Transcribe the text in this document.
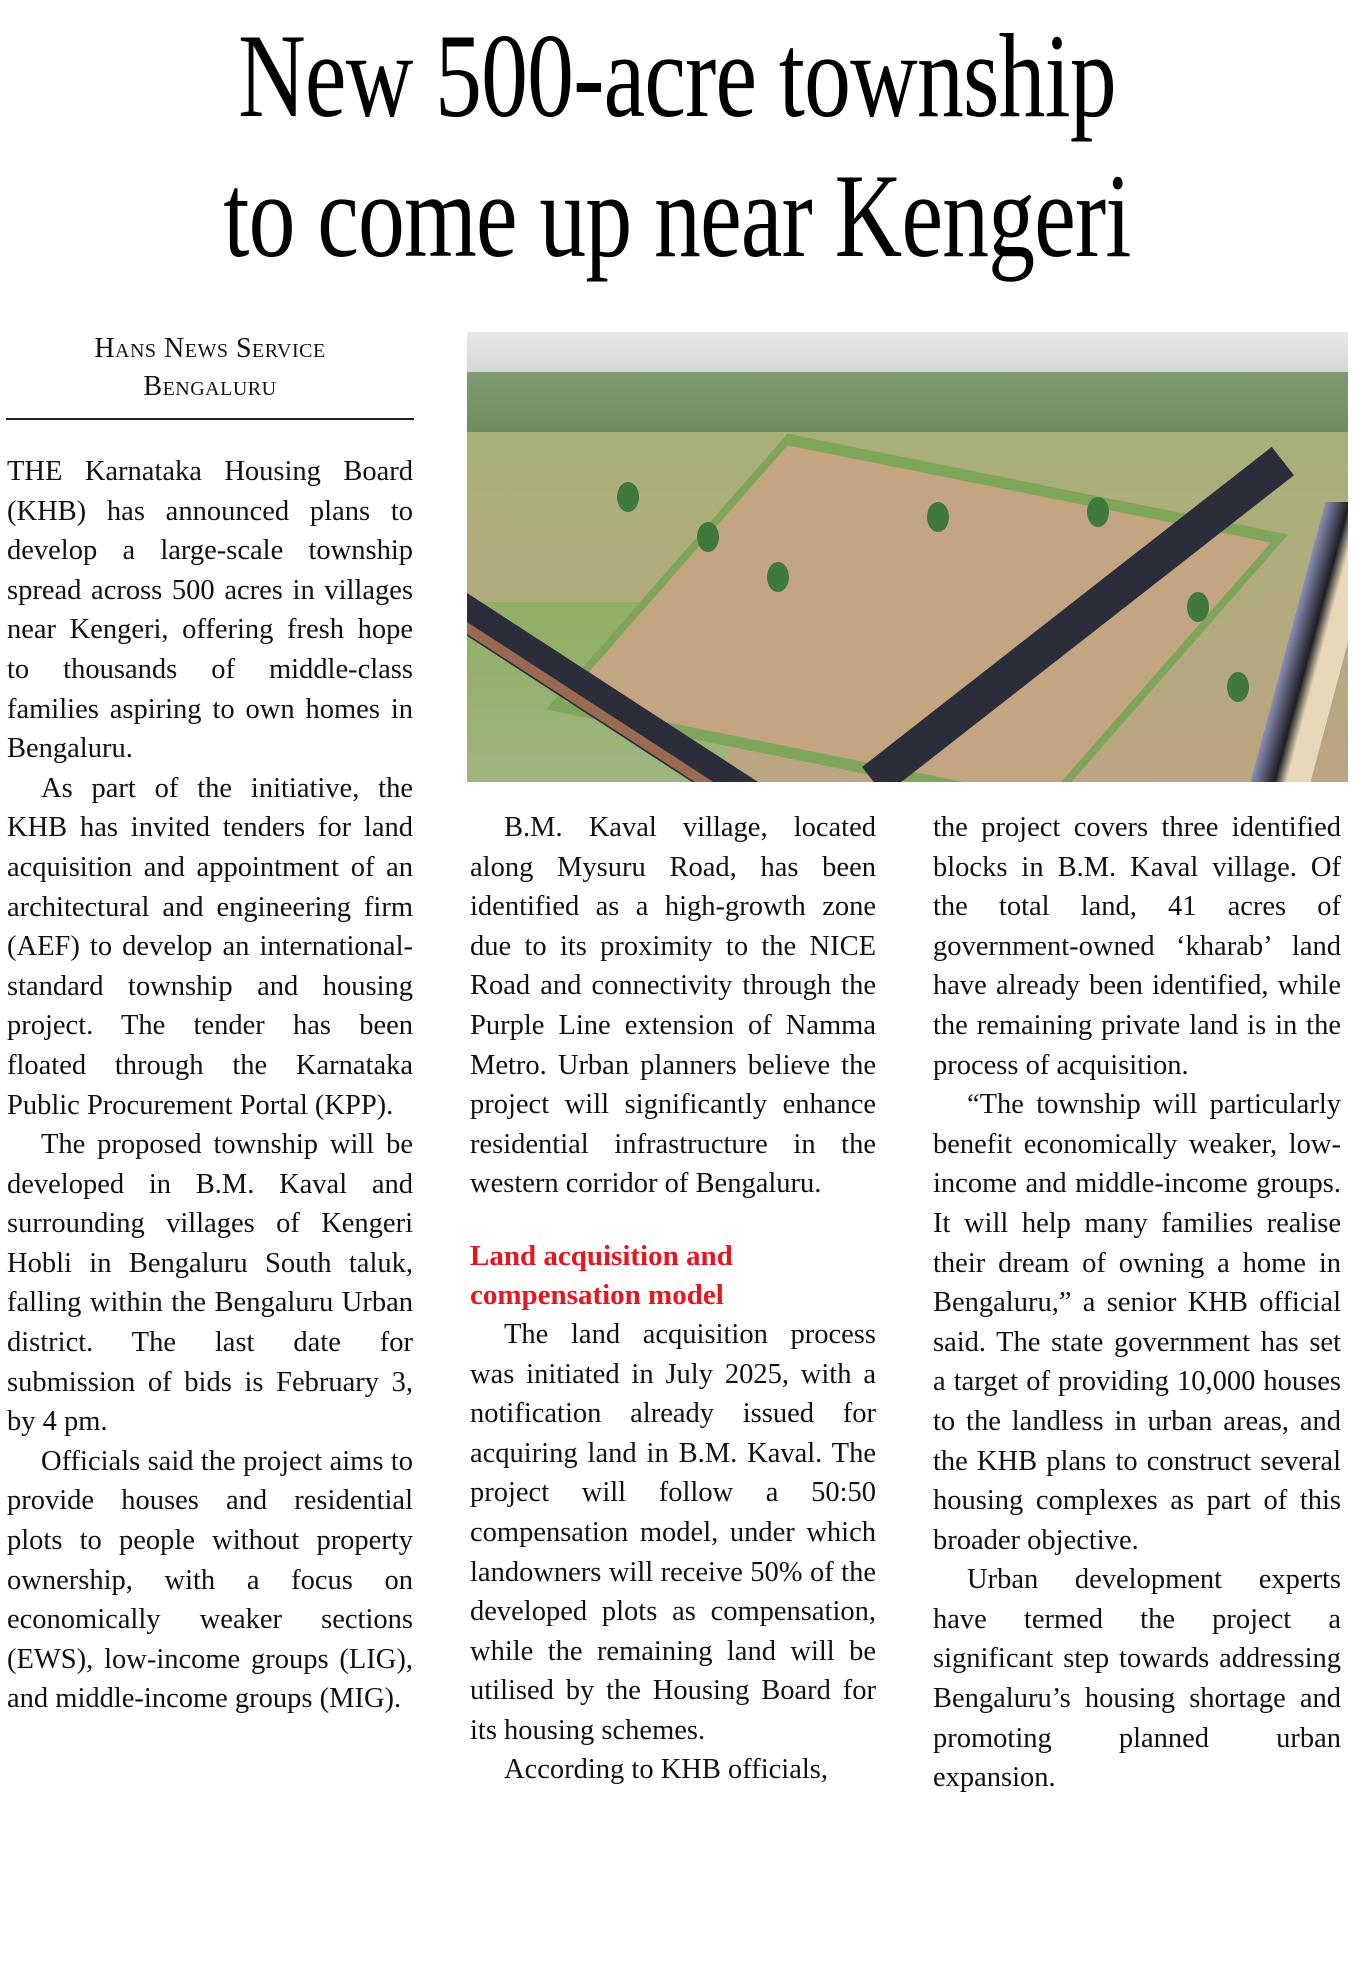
New 500-acre township
to come up near Kengeri
Hans News Service
Bengaluru

THE Karnataka Housing Board (KHB) has announced plans to develop a large-scale township spread across 500 acres in villages near Kengeri, offering fresh hope to thousands of middle-class families aspiring to own homes in Bengaluru.

As part of the initiative, the KHB has invited tenders for land acquisition and appointment of an architectural and engineering firm (AEF) to develop an international-standard township and housing project. The tender has been floated through the Karnataka Public Procurement Portal (KPP).

The proposed township will be developed in B.M. Kaval and surrounding villages of Kengeri Hobli in Bengaluru South taluk, falling within the Bengaluru Urban district. The last date for submission of bids is February 3, by 4 pm.

Officials said the project aims to provide houses and residential plots to people without property ownership, with a focus on economically weaker sections (EWS), low-income groups (LIG), and middle-income groups (MIG).

B.M. Kaval village, located along Mysuru Road, has been identified as a high-growth zone due to its proximity to the NICE Road and connectivity through the Purple Line extension of Namma Metro. Urban planners believe the project will significantly enhance residential infrastructure in the western corridor of Bengaluru.

Land acquisition and compensation model

The land acquisition process was initiated in July 2025, with a notification already issued for acquiring land in B.M. Kaval. The project will follow a 50:50 compensation model, under which landowners will receive 50% of the developed plots as compensation, while the remaining land will be utilised by the Housing Board for its housing schemes.

According to KHB officials,

the project covers three identified blocks in B.M. Kaval village. Of the total land, 41 acres of government-owned ‘kharab’ land have already been identified, while the remaining private land is in the process of acquisition.

“The township will particularly benefit economically weaker, low-income and middle-income groups. It will help many families realise their dream of owning a home in Bengaluru,” a senior KHB official said. The state government has set a target of providing 10,000 houses to the landless in urban areas, and the KHB plans to construct several housing complexes as part of this broader objective.

Urban development experts have termed the project a significant step towards addressing Bengaluru’s housing shortage and promoting planned urban expansion.
